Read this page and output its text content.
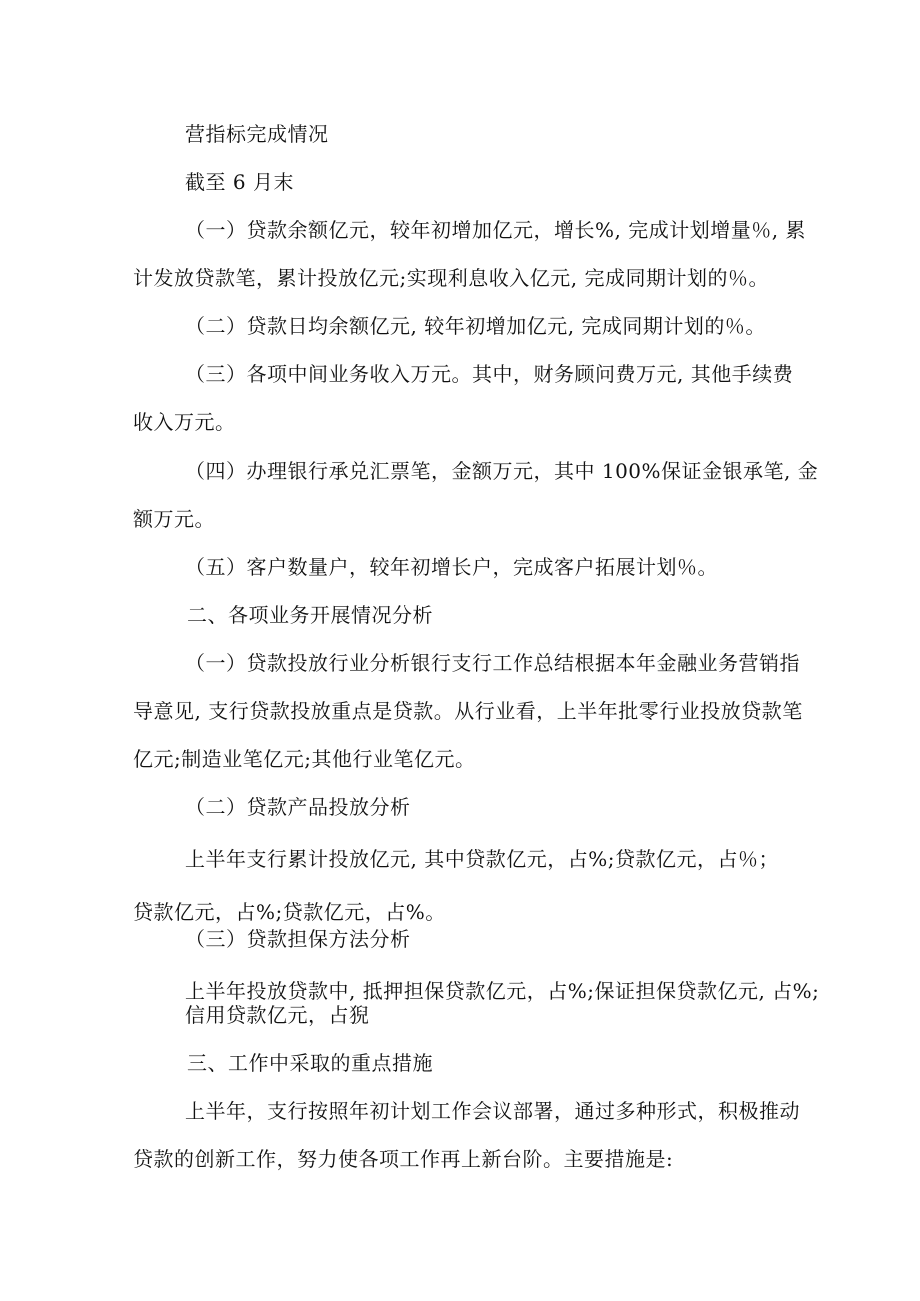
营指标完成情况
截至 6 月末
（一）贷款余额亿元，较年初增加亿元，增长%, 完成计划增量％, 累
计发放贷款笔，累计投放亿元;实现利息收入亿元, 完成同期计划的％。
（二）贷款日均余额亿元, 较年初增加亿元, 完成同期计划的％。
（三）各项中间业务收入万元。其中，财务顾问费万元, 其他手续费
收入万元。
（四）办理银行承兑汇票笔，金额万元，其中 100%保证金银承笔, 金
额万元。
（五）客户数量户，较年初增长户，完成客户拓展计划％。
二、各项业务开展情况分析
（一）贷款投放行业分析银行支行工作总结根据本年金融业务营销指
导意见, 支行贷款投放重点是贷款。从行业看，上半年批零行业投放贷款笔
亿元;制造业笔亿元;其他行业笔亿元。
（二）贷款产品投放分析
上半年支行累计投放亿元, 其中贷款亿元，占%;贷款亿元，占％；
贷款亿元，占%;贷款亿元，占%。
（三）贷款担保方法分析
上半年投放贷款中, 抵押担保贷款亿元，占%;保证担保贷款亿元, 占%;
信用贷款亿元，占猊
三、工作中采取的重点措施
上半年，支行按照年初计划工作会议部署，通过多种形式，积极推动
贷款的创新工作，努力使各项工作再上新台阶。主要措施是:
